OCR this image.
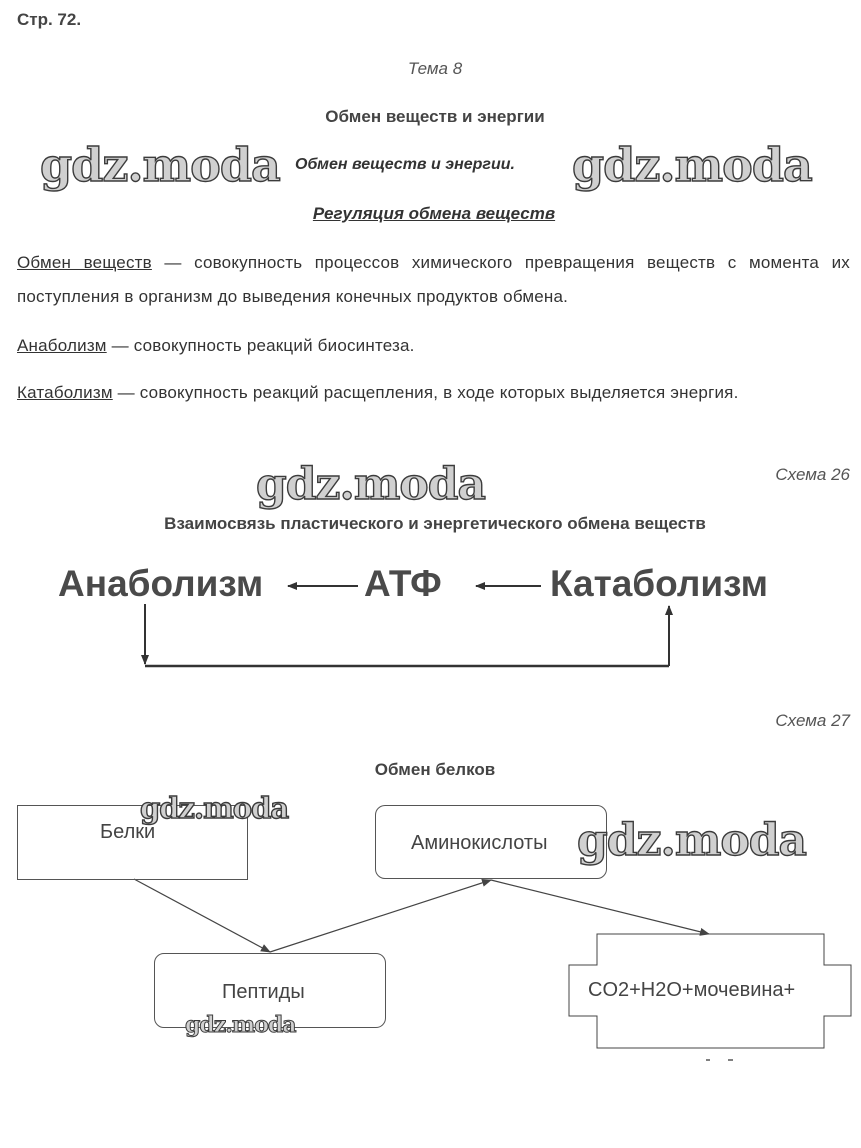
Стр. 72.
Тема 8
Обмен веществ и энергии
Обмен веществ и энергии.
Регуляция обмена веществ
gdz.moda	gdz.moda
Обмен веществ — совокупность процессов химического превращения веществ с момента их поступления в организм до выведения конечных продуктов обмена.
Анаболизм — совокупность реакций биосинтеза.
Катаболизм — совокупность реакций расщепления, в ходе которых выделяется энергия.
Схема 26
gdz.moda
Взаимосвязь пластического и энергетического обмена веществ
Анаболизм	АТФ	Катаболизм
Схема 27
Обмен белков
Белки
gdz.moda
Аминокислоты gdz.moda
Пептиды
gdz.moda
CO2+H2O+мочевина+
